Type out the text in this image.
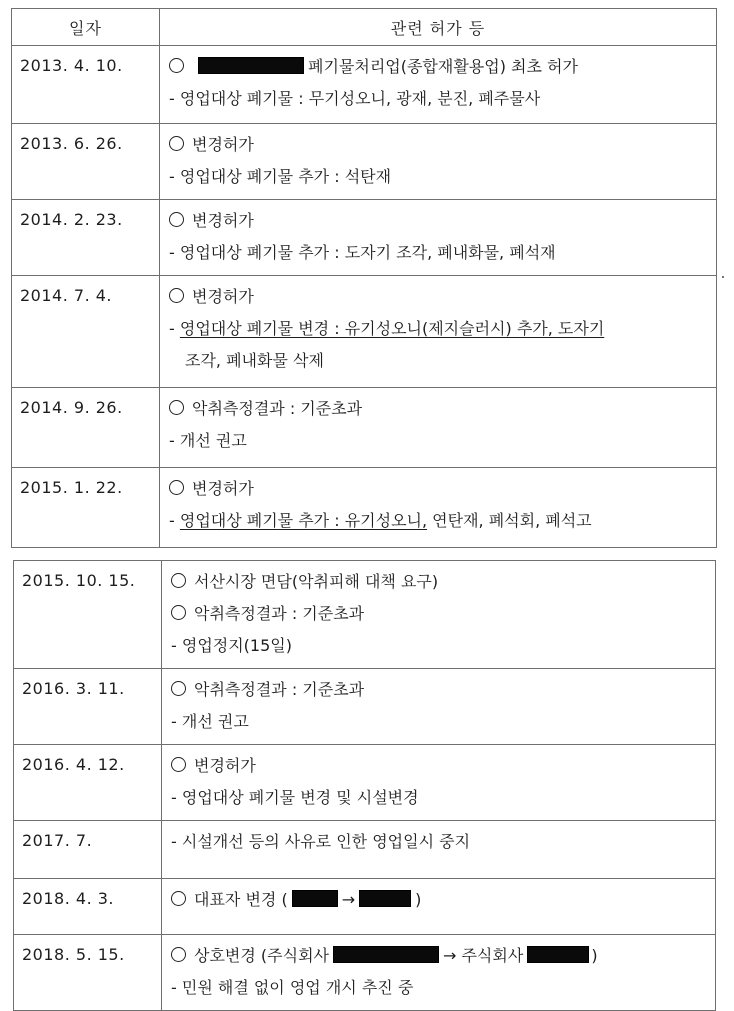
일자	관련 허가 등
2013. 4. 10.	폐기물처리업(종합재활용업) 최초 허가
- 영업대상 폐기물 : 무기성오니, 광재, 분진, 폐주물사

2013. 6. 26.	변경허가
- 영업대상 폐기물 추가 : 석탄재

2014. 2. 23.	변경허가
- 영업대상 폐기물 추가 : 도자기 조각, 폐내화물, 폐석재

2014. 7. 4.	변경허가
- 영업대상 폐기물 변경 : 유기성오니(제지슬러시) 추가, 도자기
조각, 폐내화물 삭제

2014. 9. 26.	악취측정결과 : 기준초과
- 개선 권고

2015. 1. 22.	변경허가
- 영업대상 폐기물 추가 : 유기성오니, 연탄재, 폐석회, 폐석고
2015. 10. 15.	서산시장 면담(악취피해 대책 요구)
악취측정결과 : 기준초과
- 영업정지(15일)

2016. 3. 11.	악취측정결과 : 기준초과
- 개선 권고

2016. 4. 12.	변경허가
- 영업대상 폐기물 변경 및 시설변경

2017. 7.	- 시설개선 등의 사유로 인한 영업일시 중지

2018. 4. 3.	대표자 변경 ( → )

2018. 5. 15.	상호변경 (주식회사 → 주식회사 )
- 민원 해결 없이 영업 개시 추진 중
